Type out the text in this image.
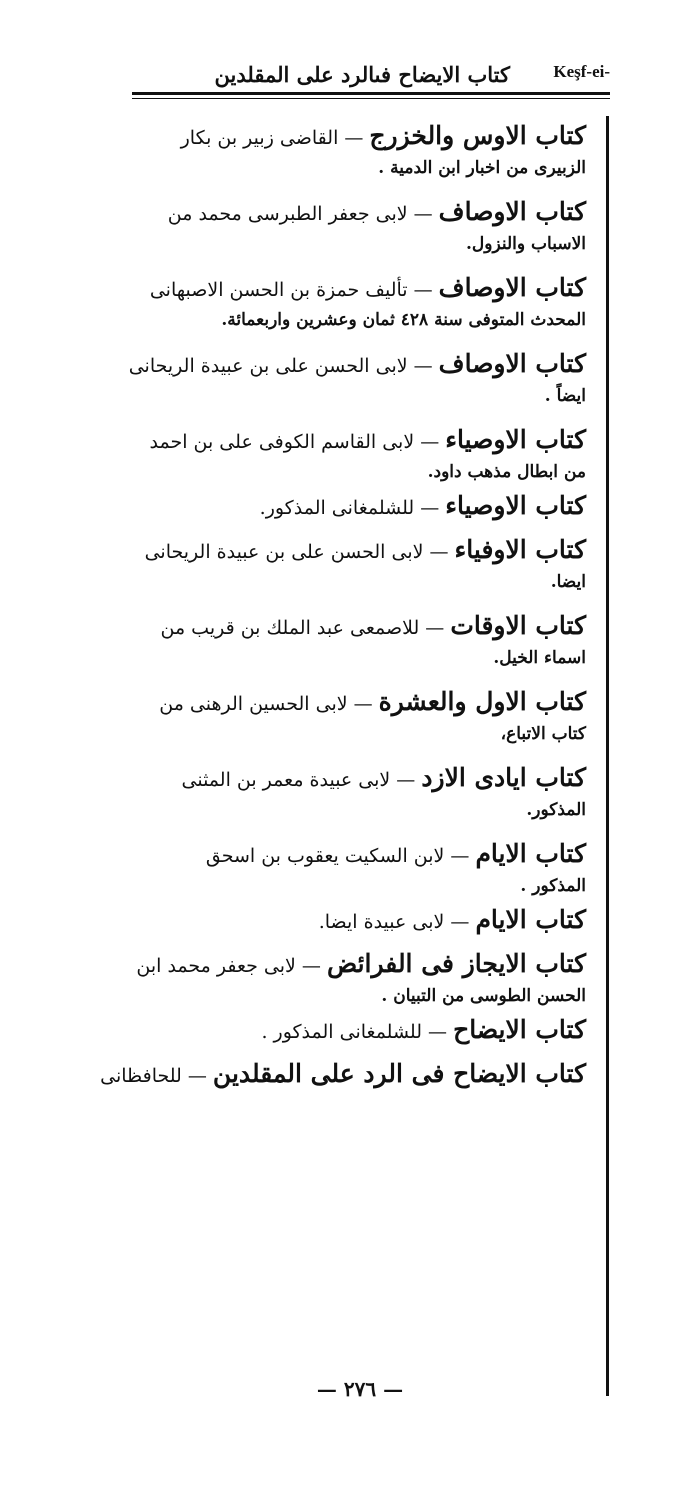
كتاب الايضاح فىالرد على المقلدين	Keşf-ei-
كتاب الاوس والخزرج — القاضى زبير بن بكار
الزبيرى من اخبار ابن الدمية .
كتاب الاوصاف — لابى جعفر الطبرسى محمد من
الاسباب والنزول.
كتاب الاوصاف — تأليف حمزة بن الحسن الاصبهانى
المحدث المتوفى سنة ٤٢٨ ثمان وعشرين واربعمائة.
كتاب الاوصاف — لابى الحسن على بن عبيدة الريحانى
ايضاً .
كتاب الاوصياء — لابى القاسم الكوفى على بن احمد
من ابطال مذهب داود.
كتاب الاوصياء — للشلمغانى المذكور.
كتاب الاوفياء — لابى الحسن على بن عبيدة الريحانى
ايضا.
كتاب الاوقات — للاصمعى عبد الملك بن قريب من
اسماء الخيل.
كتاب الاول والعشرة — لابى الحسين الرهنى من
كتاب الاتباع،
كتاب ايادى الازد — لابى عبيدة معمر بن المثنى
المذكور.
كتاب الايام — لابن السكيت يعقوب بن اسحق
المذكور .
كتاب الايام — لابى عبيدة ايضا.
كتاب الايجاز فى الفرائض — لابى جعفر محمد ابن
الحسن الطوسى من التبيان .
كتاب الايضاح — للشلمغانى المذكور .
كتاب الايضاح فى الرد على المقلدين — للحافظانى
— ٢٧٦ —
